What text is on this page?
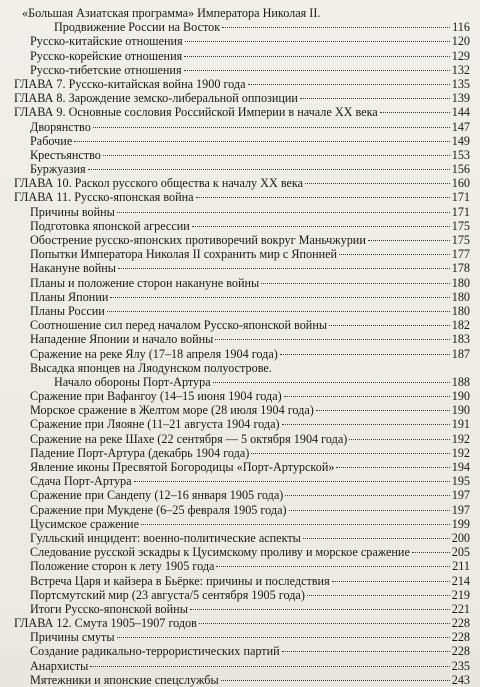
«Большая Азиатская программа» Императора Николая II.
Продвижение России на Восток	116
Русско-китайские отношения	120
Русско-корейские отношения	129
Русско-тибетские отношения	132
ГЛАВА 7. Русско-китайская война 1900 года	135
ГЛАВА 8. Зарождение земско-либеральной оппозиции	139
ГЛАВА 9. Основные сословия Российской Империи в начале XX века	144
Дворянство	147
Рабочие	149
Крестьянство	153
Буржуазия	156
ГЛАВА 10. Раскол русского общества к началу XX века	160
ГЛАВА 11. Русско-японская война	171
Причины войны	171
Подготовка японской агрессии	175
Обострение русско-японских противоречий вокруг Маньчжурии	175
Попытки Императора Николая II сохранить мир с Японией	177
Накануне войны	178
Планы и положение сторон накануне войны	180
Планы Японии	180
Планы России	180
Соотношение сил перед началом Русско-японской войны	182
Нападение Японии и начало войны	183
Сражение на реке Ялу (17–18 апреля 1904 года)	187
Высадка японцев на Ляодунском полуострове.
Начало обороны Порт-Артура	188
Сражение при Вафангоу (14–15 июня 1904 года)	190
Морское сражение в Желтом море (28 июля 1904 года)	190
Сражение при Ляояне (11–21 августа 1904 года)	191
Сражение на реке Шахе (22 сентября — 5 октября 1904 года)	192
Падение Порт-Артура (декабрь 1904 года)	192
Явление иконы Пресвятой Богородицы «Порт-Артурской»	194
Сдача Порт-Артура	195
Сражение при Сандепу (12–16 января 1905 года)	197
Сражение при Мукдене (6–25 февраля 1905 года)	197
Цусимское сражение	199
Гулльский инцидент: военно-политические аспекты	200
Следование русской эскадры к Цусимскому проливу и морское сражение	205
Положение сторон к лету 1905 года	211
Встреча Царя и кайзера в Бьёрке: причины и последствия	214
Портсмутский мир (23 августа/5 сентября 1905 года)	219
Итоги Русско-японской войны	221
ГЛАВА 12. Смута 1905–1907 годов	228
Причины смуты	228
Создание радикально-террористических партий	228
Анархисты	235
Мятежники и японские спецслужбы	243
